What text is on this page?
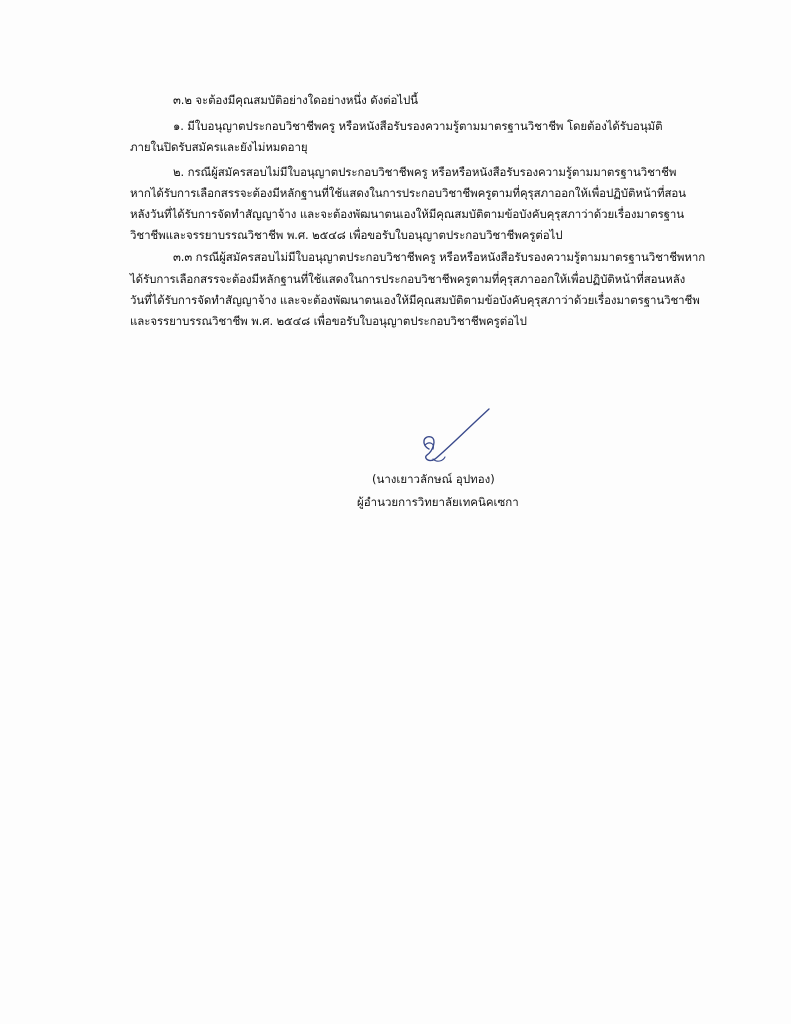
๓.๒ จะต้องมีคุณสมบัติอย่างใดอย่างหนึ่ง ดังต่อไปนี้
๑. มีใบอนุญาตประกอบวิชาชีพครู หรือหนังสือรับรองความรู้ตามมาตรฐานวิชาชีพ โดยต้องได้รับอนุมัติ
ภายในปิดรับสมัครและยังไม่หมดอายุ
๒. กรณีผู้สมัครสอบไม่มีใบอนุญาตประกอบวิชาชีพครู หรือหรือหนังสือรับรองความรู้ตามมาตรฐานวิชาชีพ
หากได้รับการเลือกสรรจะต้องมีหลักฐานที่ใช้แสดงในการประกอบวิชาชีพครูตามที่คุรุสภาออกให้เพื่อปฏิบัติหน้าที่สอน
หลังวันที่ได้รับการจัดทำสัญญาจ้าง และจะต้องพัฒนาตนเองให้มีคุณสมบัติตามข้อบังคับคุรุสภาว่าด้วยเรื่องมาตรฐาน
วิชาชีพและจรรยาบรรณวิชาชีพ พ.ศ. ๒๕๔๘ เพื่อขอรับใบอนุญาตประกอบวิชาชีพครูต่อไป
๓.๓ กรณีผู้สมัครสอบไม่มีใบอนุญาตประกอบวิชาชีพครู หรือหรือหนังสือรับรองความรู้ตามมาตรฐานวิชาชีพหาก
ได้รับการเลือกสรรจะต้องมีหลักฐานที่ใช้แสดงในการประกอบวิชาชีพครูตามที่คุรุสภาออกให้เพื่อปฏิบัติหน้าที่สอนหลัง
วันที่ได้รับการจัดทำสัญญาจ้าง และจะต้องพัฒนาตนเองให้มีคุณสมบัติตามข้อบังคับคุรุสภาว่าด้วยเรื่องมาตรฐานวิชาชีพ
และจรรยาบรรณวิชาชีพ พ.ศ. ๒๕๔๘ เพื่อขอรับใบอนุญาตประกอบวิชาชีพครูต่อไป
(นางเยาวลักษณ์ อุปทอง)
ผู้อำนวยการวิทยาลัยเทคนิคเซกา
